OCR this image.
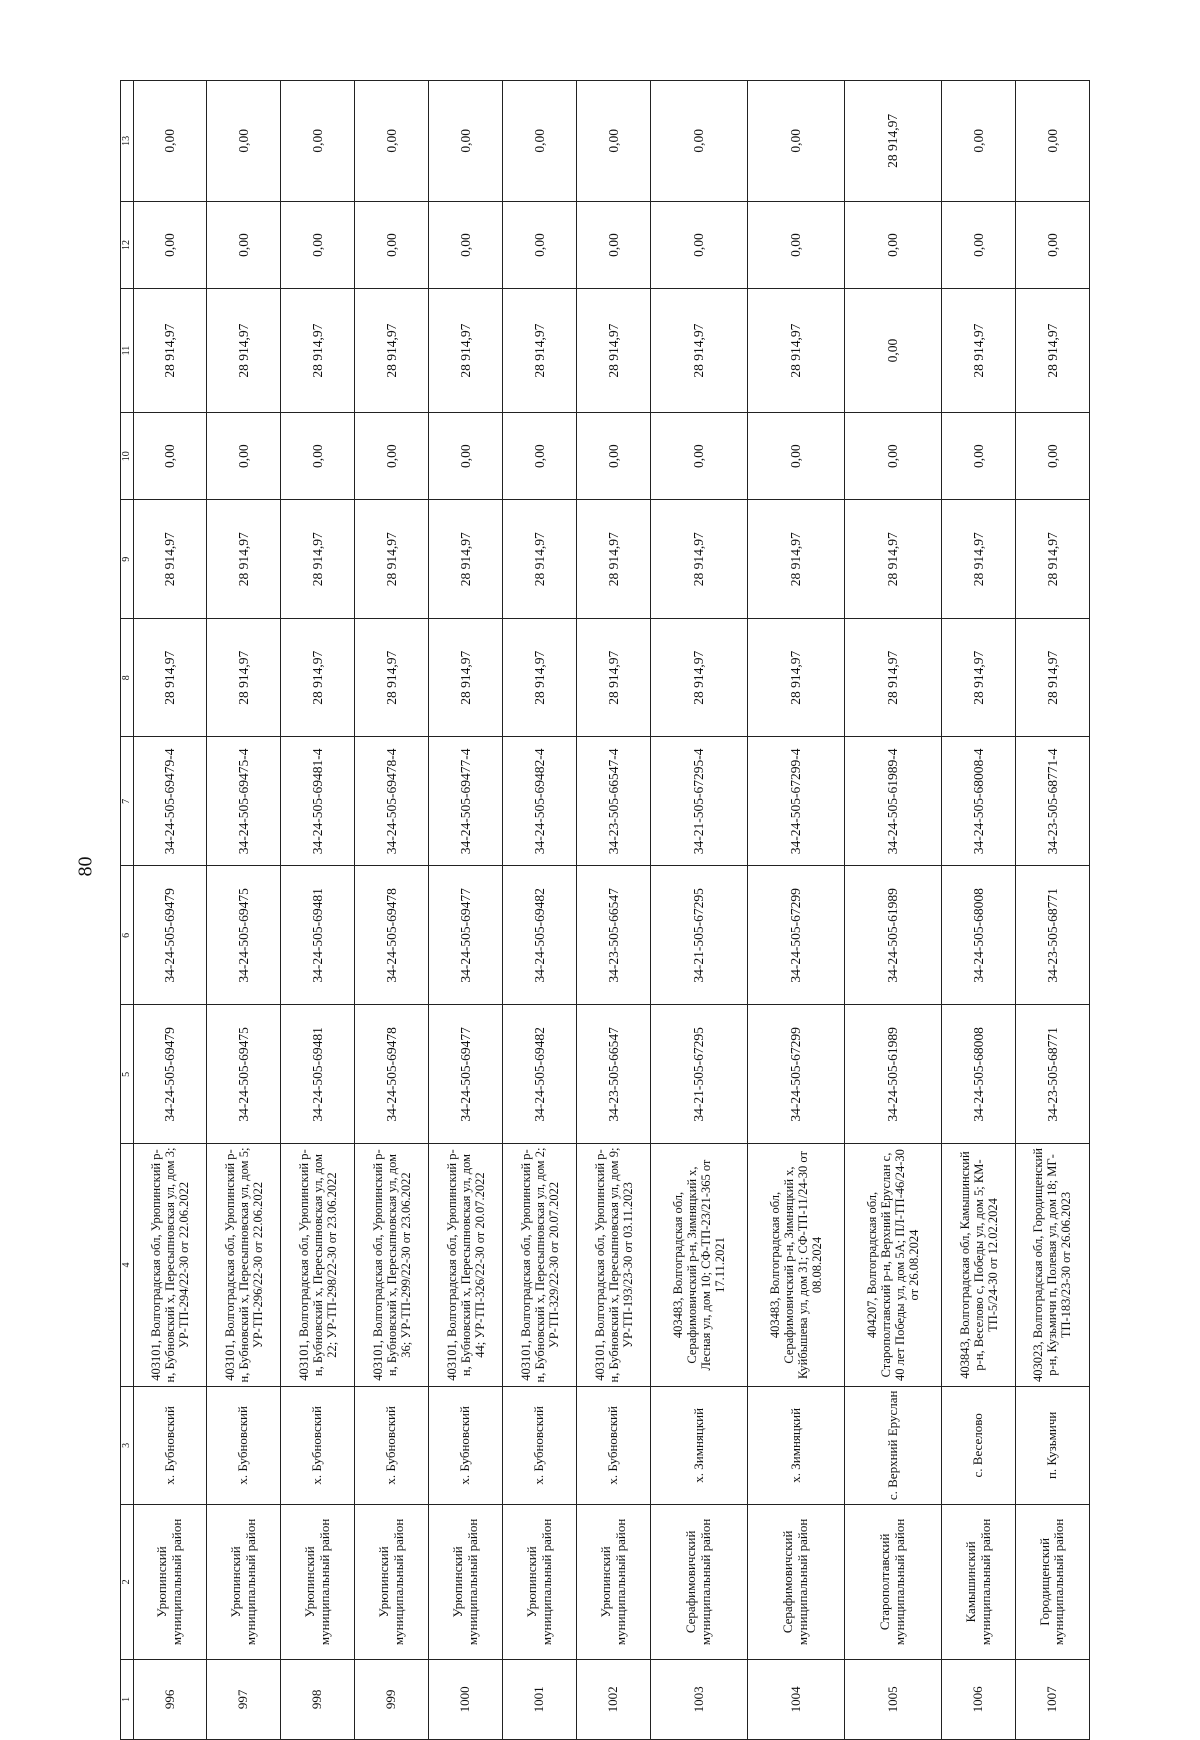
80
1	2	3	4	5	6	7	8	9	10	11	12	13
996	Урюпинский муниципальный район	х. Бубновский	403101, Волгоградская обл, Урюпинский р-н, Бубновский х, Пересыпновская ул, дом 3; УР-ТП-294/22-30 от 22.06.2022	34-24-505-69479	34-24-505-69479	34-24-505-69479-4	28 914,97	28 914,97	0,00	28 914,97	0,00	0,00
997	Урюпинский муниципальный район	х. Бубновский	403101, Волгоградская обл, Урюпинский р-н, Бубновский х, Пересыпновская ул, дом 5; УР-ТП-296/22-30 от 22.06.2022	34-24-505-69475	34-24-505-69475	34-24-505-69475-4	28 914,97	28 914,97	0,00	28 914,97	0,00	0,00
998	Урюпинский муниципальный район	х. Бубновский	403101, Волгоградская обл, Урюпинский р-н, Бубновский х, Пересыпновская ул, дом 22; УР-ТП-298/22-30 от 23.06.2022	34-24-505-69481	34-24-505-69481	34-24-505-69481-4	28 914,97	28 914,97	0,00	28 914,97	0,00	0,00
999	Урюпинский муниципальный район	х. Бубновский	403101, Волгоградская обл, Урюпинский р-н, Бубновский х, Пересыпновская ул, дом 36; УР-ТП-299/22-30 от 23.06.2022	34-24-505-69478	34-24-505-69478	34-24-505-69478-4	28 914,97	28 914,97	0,00	28 914,97	0,00	0,00
1000	Урюпинский муниципальный район	х. Бубновский	403101, Волгоградская обл, Урюпинский р-н, Бубновский х, Пересыпновская ул, дом 44; УР-ТП-326/22-30 от 20.07.2022	34-24-505-69477	34-24-505-69477	34-24-505-69477-4	28 914,97	28 914,97	0,00	28 914,97	0,00	0,00
1001	Урюпинский муниципальный район	х. Бубновский	403101, Волгоградская обл, Урюпинский р-н, Бубновский х, Пересыпновская ул, дом 2; УР-ТП-329/22-30 от 20.07.2022	34-24-505-69482	34-24-505-69482	34-24-505-69482-4	28 914,97	28 914,97	0,00	28 914,97	0,00	0,00
1002	Урюпинский муниципальный район	х. Бубновский	403101, Волгоградская обл, Урюпинский р-н, Бубновский х, Пересыпновская ул, дом 9; УР-ТП-193/23-30 от 03.11.2023	34-23-505-66547	34-23-505-66547	34-23-505-66547-4	28 914,97	28 914,97	0,00	28 914,97	0,00	0,00
1003	Серафимовичский муниципальный район	х. Зимняцкий	403483, Волгоградская обл, Серафимовичский р-н, Зимняцкий х, Лесная ул, дом 10; СФ-ТП-23/21-365 от 17.11.2021	34-21-505-67295	34-21-505-67295	34-21-505-67295-4	28 914,97	28 914,97	0,00	28 914,97	0,00	0,00
1004	Серафимовичский муниципальный район	х. Зимняцкий	403483, Волгоградская обл, Серафимовичский р-н, Зимняцкий х, Куйбышева ул, дом 31; СФ-ТП-11/24-30 от 08.08.2024	34-24-505-67299	34-24-505-67299	34-24-505-67299-4	28 914,97	28 914,97	0,00	28 914,97	0,00	0,00
1005	Старополтавский муниципальный район	с. Верхний Еруслан	404207, Волгоградская обл, Старополтавский р-н, Верхний Еруслан с, 40 лет Победы ул, дом 5А; ПЛ-ТП-46/24-30 от 26.08.2024	34-24-505-61989	34-24-505-61989	34-24-505-61989-4	28 914,97	28 914,97	0,00	0,00	0,00	28 914,97
1006	Камышинский муниципальный район	с. Веселово	403843, Волгоградская обл, Камышинский р-н, Веселово с, Победы ул, дом 5; КМ-ТП-5/24-30 от 12.02.2024	34-24-505-68008	34-24-505-68008	34-24-505-68008-4	28 914,97	28 914,97	0,00	28 914,97	0,00	0,00
1007	Городищенский муниципальный район	п. Кузьмичи	403023, Волгоградская обл, Городищенский р-н, Кузьмичи п, Полевая ул, дом 18; МГ-ТП-183/23-30 от 26.06.2023	34-23-505-68771	34-23-505-68771	34-23-505-68771-4	28 914,97	28 914,97	0,00	28 914,97	0,00	0,00
